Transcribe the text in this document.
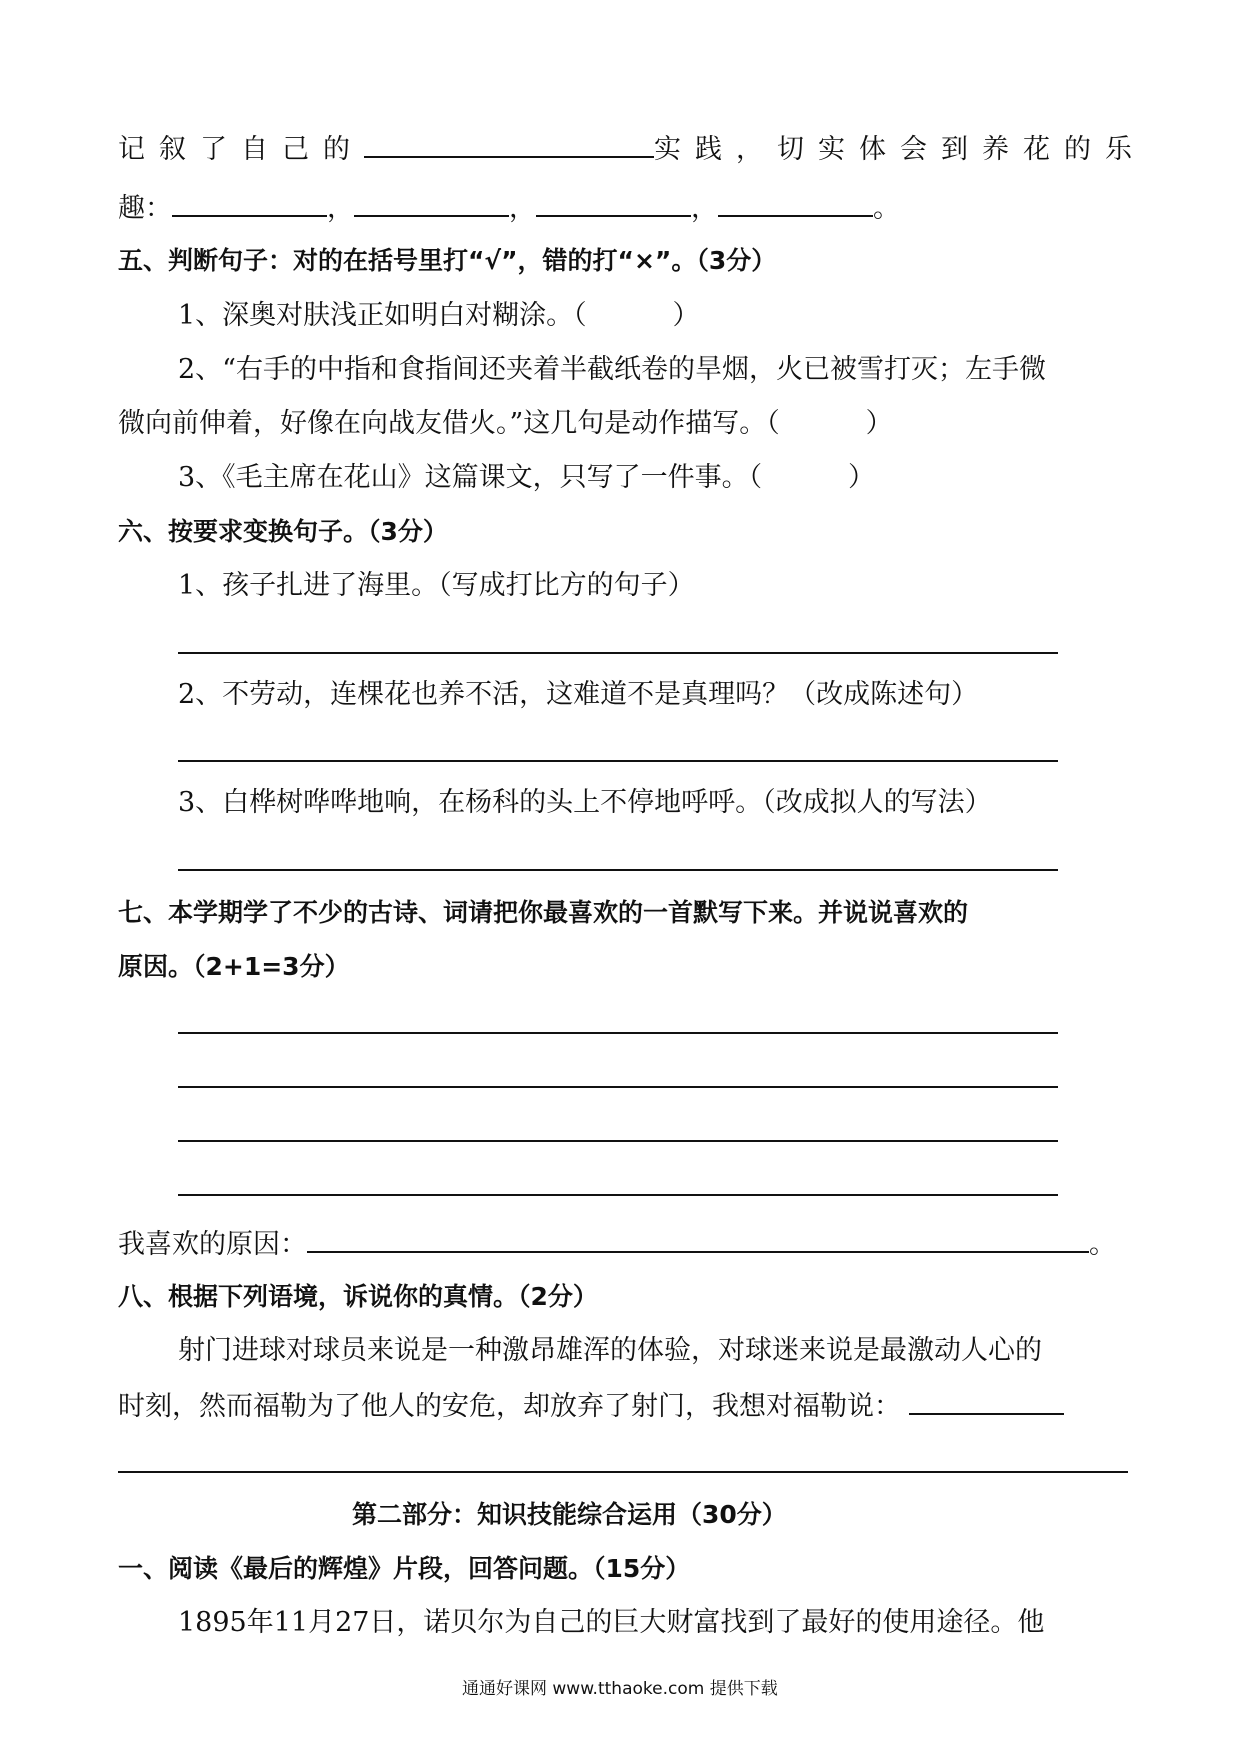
记叙了自己的	实践，切实体会到养花的乐
趣：	，	，	，	。
五、判断句子：对的在括号里打“√”，错的打“×”。（3分）
1、深奥对肤浅正如明白对糊涂。（          ）
2、“右手的中指和食指间还夹着半截纸卷的旱烟，火已被雪打灭；左手微
微向前伸着，好像在向战友借火。”这几句是动作描写。（          ）
3、《毛主席在花山》这篇课文，只写了一件事。（          ）
六、按要求变换句子。（3分）
1、孩子扎进了海里。（写成打比方的句子）
2、不劳动，连棵花也养不活，这难道不是真理吗？（改成陈述句）
3、白桦树哗哗地响，在杨科的头上不停地呼呼。（改成拟人的写法）
七、本学期学了不少的古诗、词请把你最喜欢的一首默写下来。并说说喜欢的
原因。（2+1=3分）
我喜欢的原因：	。
八、根据下列语境，诉说你的真情。（2分）
射门进球对球员来说是一种激昂雄浑的体验，对球迷来说是最激动人心的
时刻，然而福勒为了他人的安危，却放弃了射门，我想对福勒说：
第二部分：知识技能综合运用（30分）
一、阅读《最后的辉煌》片段，回答问题。（15分）
1895年11月27日，诺贝尔为自己的巨大财富找到了最好的使用途径。他
通通好课网 www.tthaoke.com 提供下载
